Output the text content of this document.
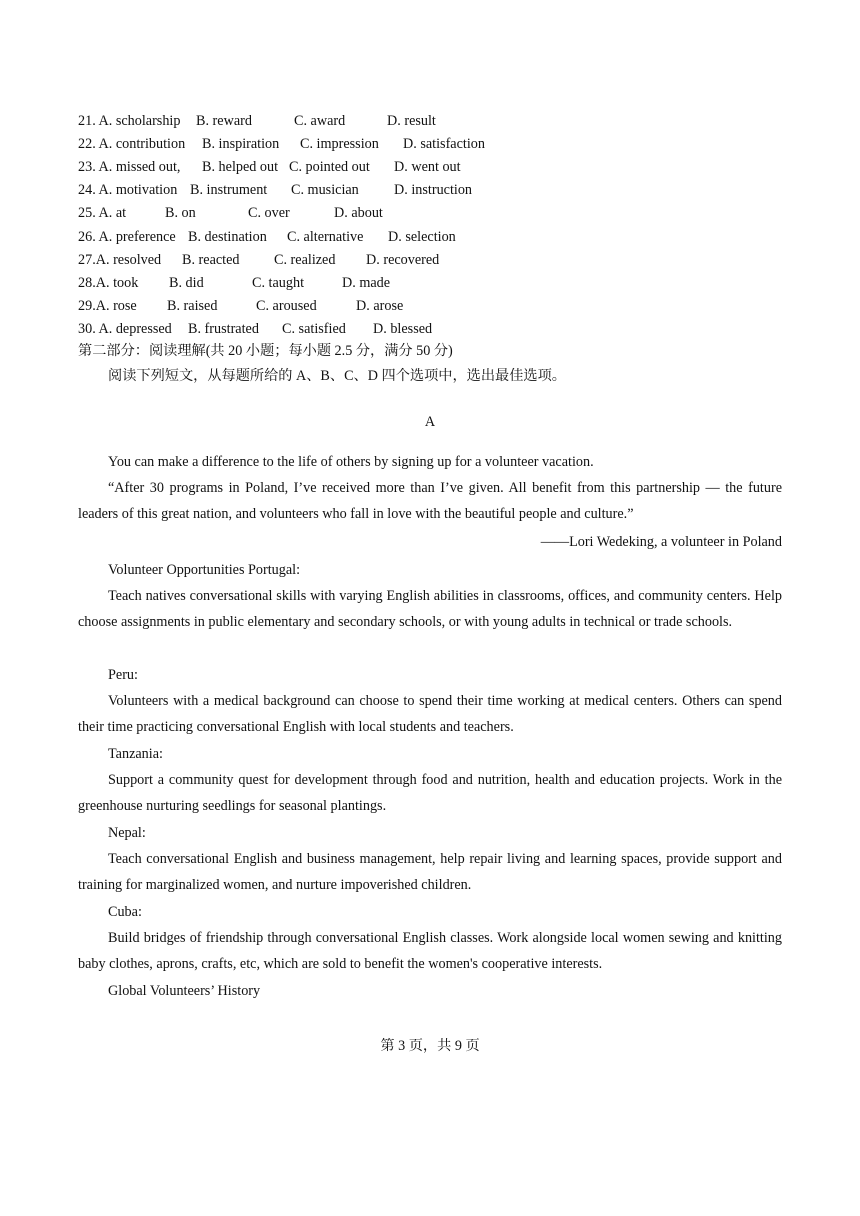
21. A. scholarship B. reward	C. award	D. result
22. A. contribution B. inspiration C. impression D. satisfaction
23. A. missed out, B. helped out C. pointed out D. went out
24. A. motivation B. instrument C. musician D. instruction
25. A. at	B. on	C. over	D. about
26. A. preference B. destination C. alternative D. selection
27.A. resolved B. reacted C. realized D. recovered
28.A. took B. did	C. taught	D. made
29.A. rose B. raised	C. aroused	D. arose
30. A. depressed B. frustrated C. satisfied D. blessed
第二部分：阅读理解(共 20 小题；每小题 2.5 分，满分 50 分)
阅读下列短文，从每题所给的 A、B、C、D 四个选项中，选出最佳选项。
A
You can make a difference to the life of others by signing up for a volunteer vacation.
“After 30 programs in Poland, I’ve received more than I’ve given. All benefit from this partnership — the future leaders of this great nation, and volunteers who fall in love with the beautiful people and culture.”
——Lori Wedeking, a volunteer in Poland
Volunteer Opportunities Portugal:
Teach natives conversational skills with varying English abilities in classrooms, offices, and community centers. Help choose assignments in public elementary and secondary schools, or with young adults in technical or trade schools.
Peru:
Volunteers with a medical background can choose to spend their time working at medical centers. Others can spend their time practicing conversational English with local students and teachers.
Tanzania:
Support a community quest for development through food and nutrition, health and education projects. Work in the greenhouse nurturing seedlings for seasonal plantings.
Nepal:
Teach conversational English and business management, help repair living and learning spaces, provide support and training for marginalized women, and nurture impoverished children.
Cuba:
Build bridges of friendship through conversational English classes. Work alongside local women sewing and knitting baby clothes, aprons, crafts, etc, which are sold to benefit the women's cooperative interests.
Global Volunteers’ History
第 3 页，共 9 页
